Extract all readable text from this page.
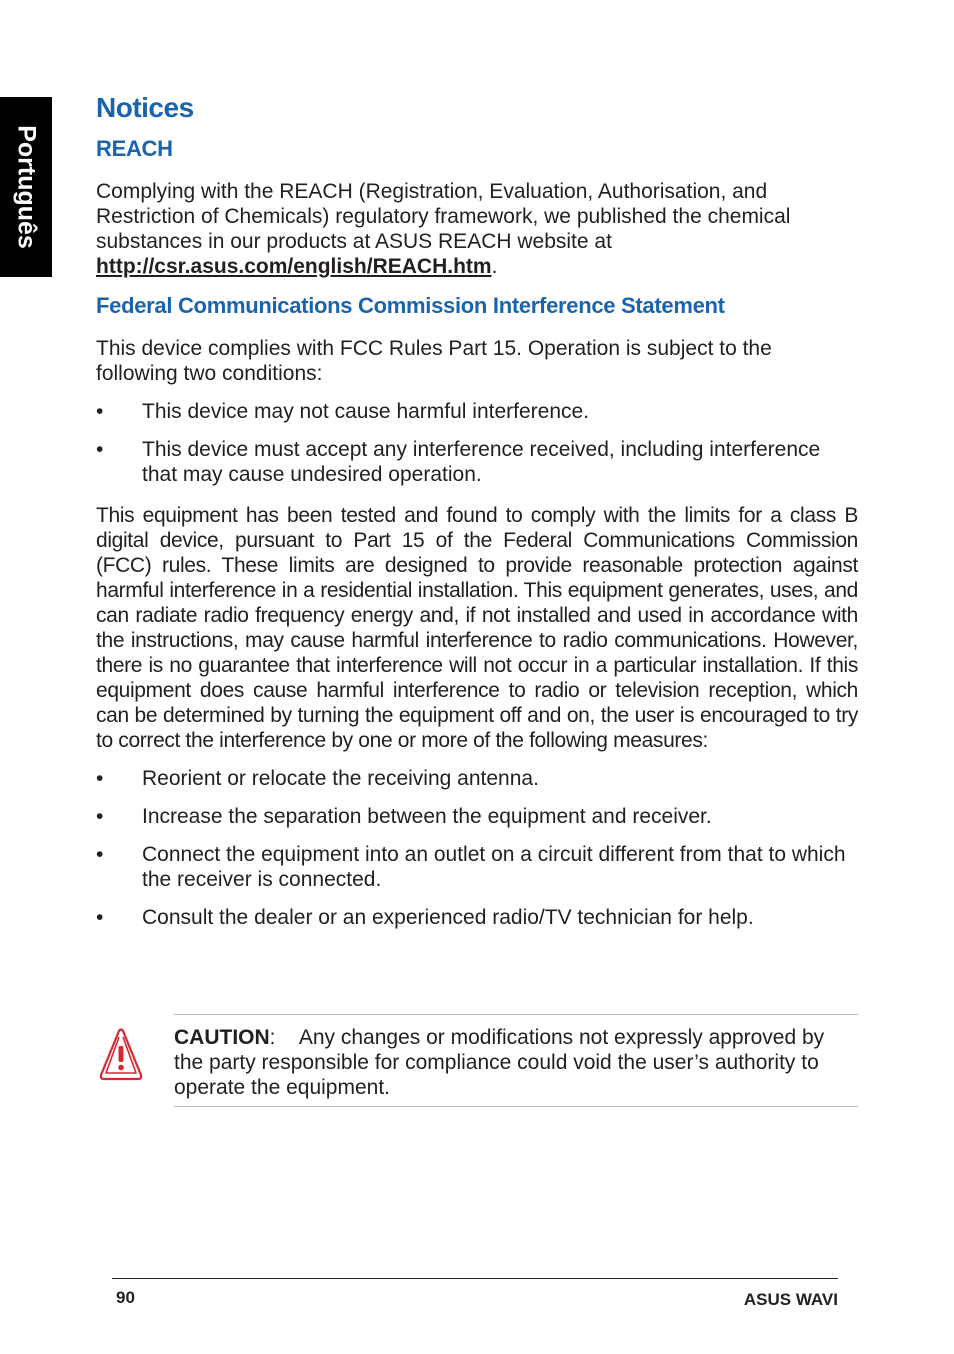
Português
Notices
REACH

Complying with the REACH (Registration, Evaluation, Authorisation, and Restriction of Chemicals) regulatory framework, we published the chemical substances in our products at ASUS REACH website at http://csr.asus.com/english/REACH.htm.

Federal Communications Commission Interference Statement

This device complies with FCC Rules Part 15. Operation is subject to the following two conditions:

• This device may not cause harmful interference.
• This device must accept any interference received, including interference that may cause undesired operation.

This equipment has been tested and found to comply with the limits for a class B digital device, pursuant to Part 15 of the Federal Communications Commission (FCC) rules. These limits are designed to provide reasonable protection against harmful interference in a residential installation. This equipment generates, uses, and can radiate radio frequency energy and, if not installed and used in accordance with the instructions, may cause harmful interference to radio communications. However, there is no guarantee that interference will not occur in a particular installation. If this equipment does cause harmful interference to radio or television reception, which can be determined by turning the equipment off and on, the user is encouraged to try to correct the interference by one or more of the following measures:

• Reorient or relocate the receiving antenna.
• Increase the separation between the equipment and receiver.
• Connect the equipment into an outlet on a circuit different from that to which the receiver is connected.
• Consult the dealer or an experienced radio/TV technician for help.
CAUTION: Any changes or modifications not expressly approved by the party responsible for compliance could void the user’s authority to operate the equipment.
90	ASUS WAVI
